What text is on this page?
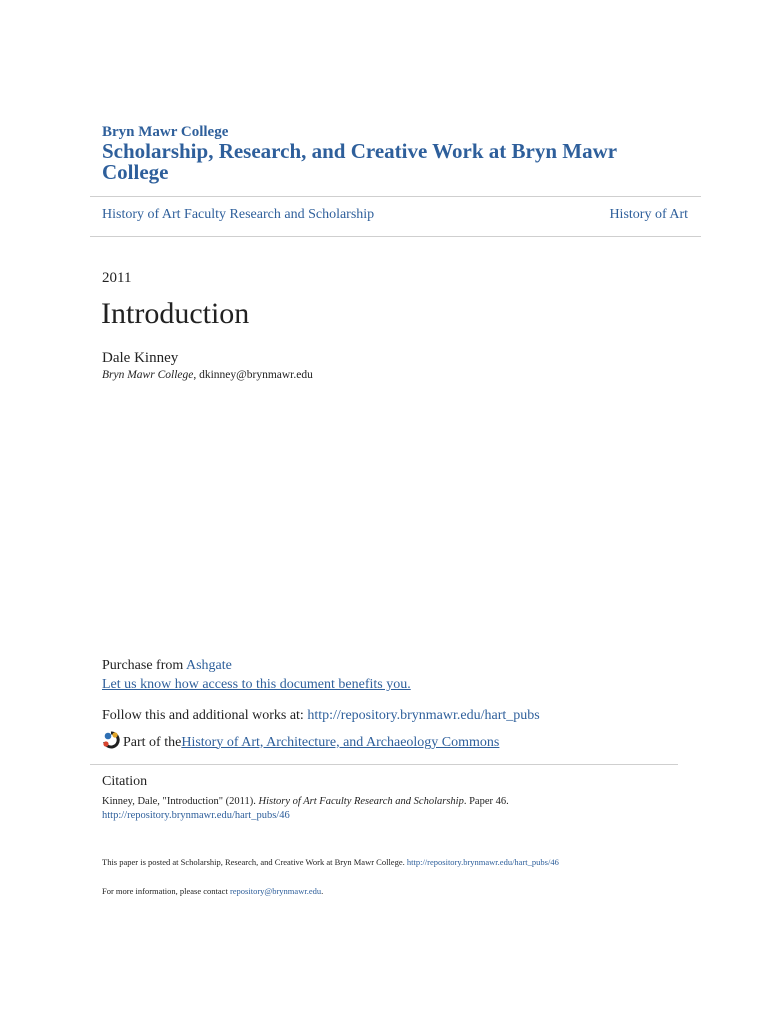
Bryn Mawr College
Scholarship, Research, and Creative Work at Bryn Mawr College
History of Art Faculty Research and Scholarship	History of Art
2011
Introduction
Dale Kinney
Bryn Mawr College, dkinney@brynmawr.edu
Purchase from Ashgate
Let us know how access to this document benefits you.
Follow this and additional works at: http://repository.brynmawr.edu/hart_pubs
Part of the History of Art, Architecture, and Archaeology Commons
Citation
Kinney, Dale, "Introduction" (2011). History of Art Faculty Research and Scholarship. Paper 46.
http://repository.brynmawr.edu/hart_pubs/46
This paper is posted at Scholarship, Research, and Creative Work at Bryn Mawr College. http://repository.brynmawr.edu/hart_pubs/46
For more information, please contact repository@brynmawr.edu.
